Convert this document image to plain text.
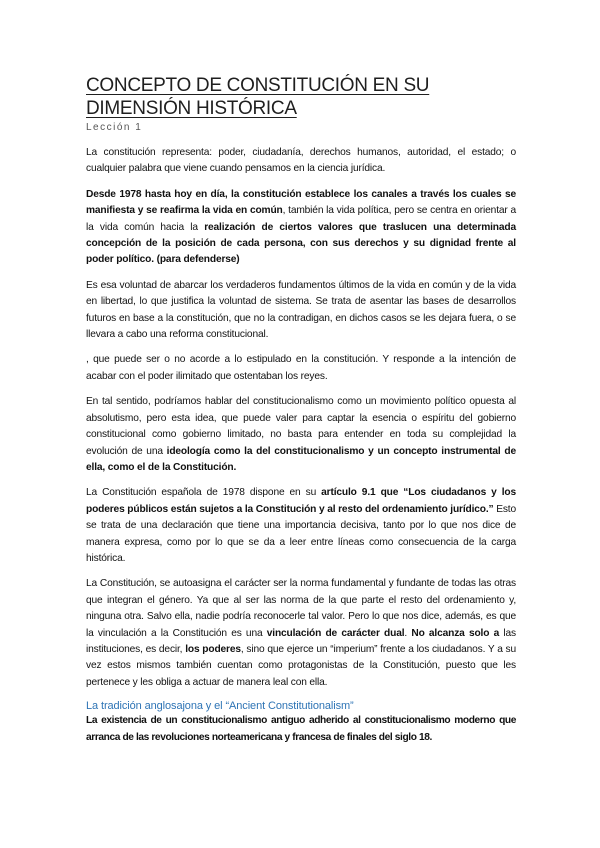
CONCEPTO DE CONSTITUCIÓN EN SU DIMENSIÓN HISTÓRICA
Lección 1

La constitución representa: poder, ciudadanía, derechos humanos, autoridad, el estado; o cualquier palabra que viene cuando pensamos en la ciencia jurídica.

Desde 1978 hasta hoy en día, la constitución establece los canales a través los cuales se manifiesta y se reafirma la vida en común, también la vida política, pero se centra en orientar a la vida común hacia la realización de ciertos valores que traslucen una determinada concepción de la posición de cada persona, con sus derechos y su dignidad frente al poder político. (para defenderse)

Es esa voluntad de abarcar los verdaderos fundamentos últimos de la vida en común y de la vida en libertad, lo que justifica la voluntad de sistema. Se trata de asentar las bases de desarrollos futuros en base a la constitución, que no la contradigan, en dichos casos se les dejara fuera, o se llevara a cabo una reforma constitucional.

, que puede ser o no acorde a lo estipulado en la constitución. Y responde a la intención de acabar con el poder ilimitado que ostentaban los reyes.

En tal sentido, podríamos hablar del constitucionalismo como un movimiento político opuesta al absolutismo, pero esta idea, que puede valer para captar la esencia o espíritu del gobierno constitucional como gobierno limitado, no basta para entender en toda su complejidad la evolución de una ideología como la del constitucionalismo y un concepto instrumental de ella, como el de la Constitución.

La Constitución española de 1978 dispone en su artículo 9.1 que “Los ciudadanos y los poderes públicos están sujetos a la Constitución y al resto del ordenamiento jurídico.” Esto se trata de una declaración que tiene una importancia decisiva, tanto por lo que nos dice de manera expresa, como por lo que se da a leer entre líneas como consecuencia de la carga histórica.

La Constitución, se autoasigna el carácter ser la norma fundamental y fundante de todas las otras que integran el género. Ya que al ser las norma de la que parte el resto del ordenamiento y, ninguna otra. Salvo ella, nadie podría reconocerle tal valor. Pero lo que nos dice, además, es que la vinculación a la Constitución es una vinculación de carácter dual. No alcanza solo a las instituciones, es decir, los poderes, sino que ejerce un “imperium” frente a los ciudadanos. Y a su vez estos mismos también cuentan como protagonistas de la Constitución, puesto que les pertenece y les obliga a actuar de manera leal con ella.

La tradición anglosajona y el “Ancient Constitutionalism”

La existencia de un constitucionalismo antiguo adherido al constitucionalismo moderno que arranca de las revoluciones norteamericana y francesa de finales del siglo 18.
